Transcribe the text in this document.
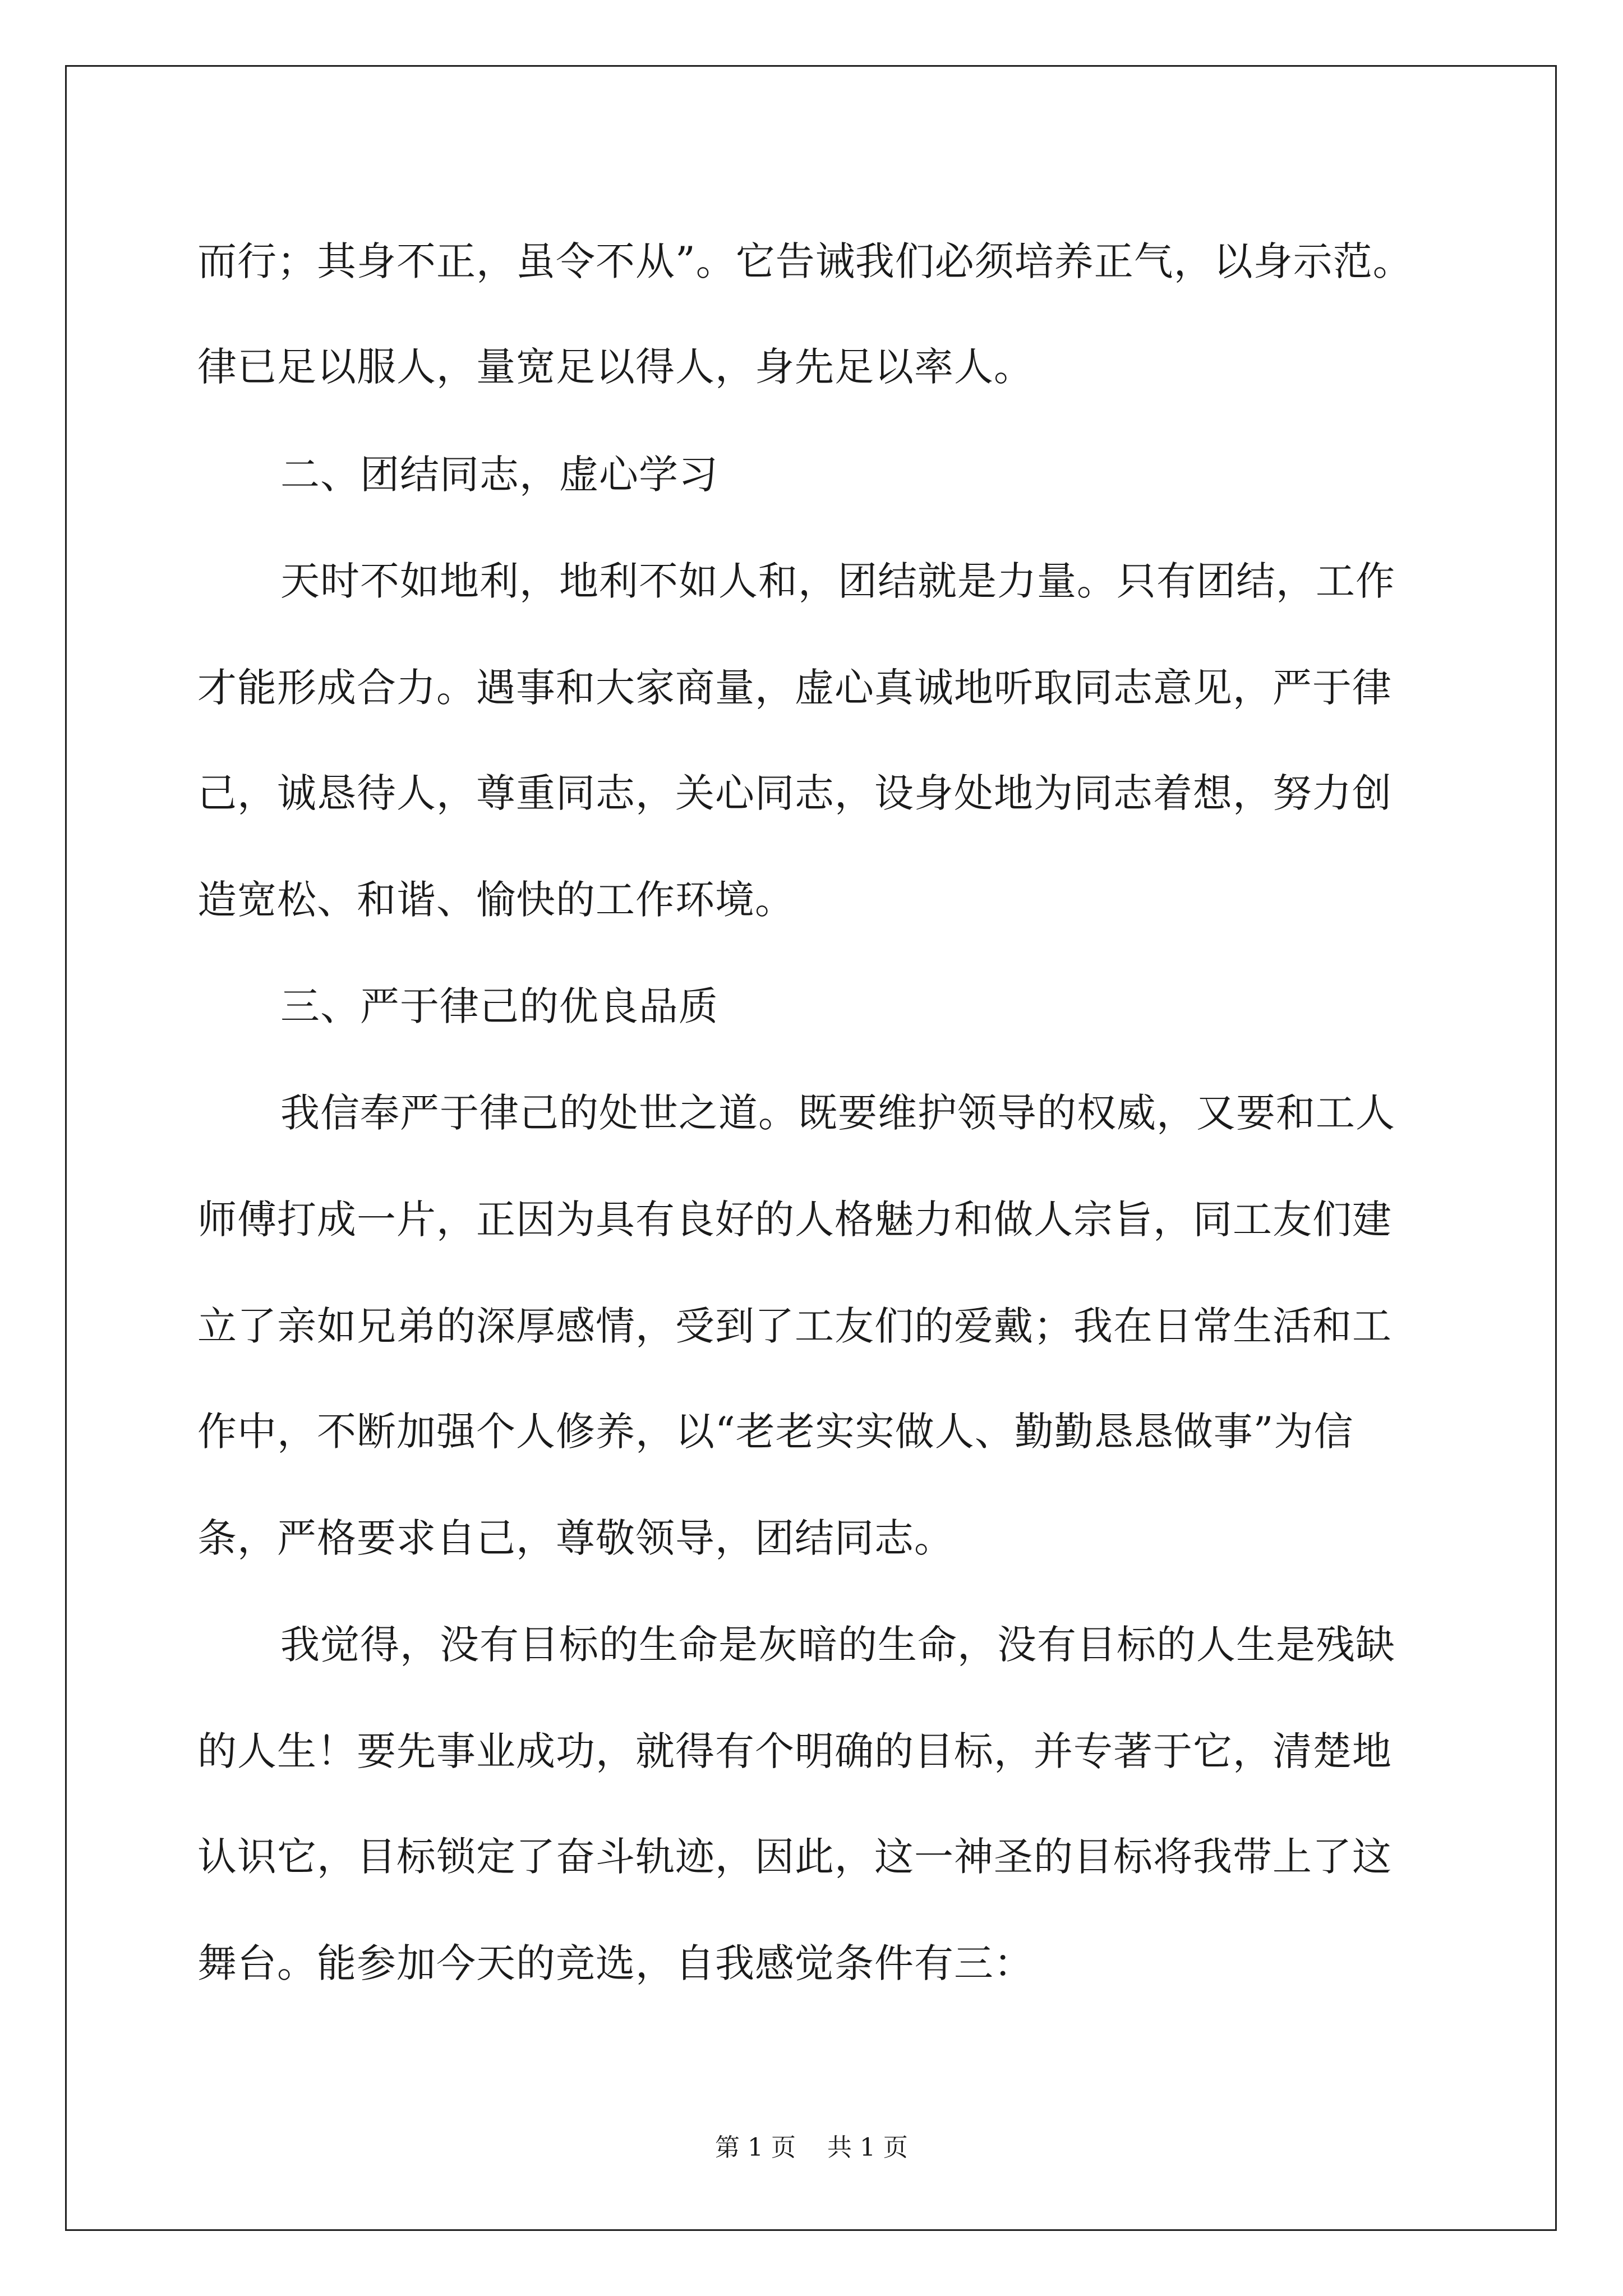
而行；其身不正，虽令不从”。它告诫我们必须培养正气，以身示范。
律已足以服人，量宽足以得人，身先足以率人。
二、团结同志，虚心学习
天时不如地利，地利不如人和，团结就是力量。只有团结，工作
才能形成合力。遇事和大家商量，虚心真诚地听取同志意见，严于律
己，诚恳待人，尊重同志，关心同志，设身处地为同志着想，努力创
造宽松、和谐、愉快的工作环境。
三、严于律己的优良品质
我信奉严于律己的处世之道。既要维护领导的权威，又要和工人
师傅打成一片，正因为具有良好的人格魅力和做人宗旨，同工友们建
立了亲如兄弟的深厚感情，受到了工友们的爱戴；我在日常生活和工
作中，不断加强个人修养，以“老老实实做人、勤勤恳恳做事”为信
条，严格要求自己，尊敬领导，团结同志。
我觉得，没有目标的生命是灰暗的生命，没有目标的人生是残缺
的人生！要先事业成功，就得有个明确的目标，并专著于它，清楚地
认识它，目标锁定了奋斗轨迹，因此，这一神圣的目标将我带上了这
舞台。能参加今天的竞选，自我感觉条件有三：
第 1 页 共 1 页
